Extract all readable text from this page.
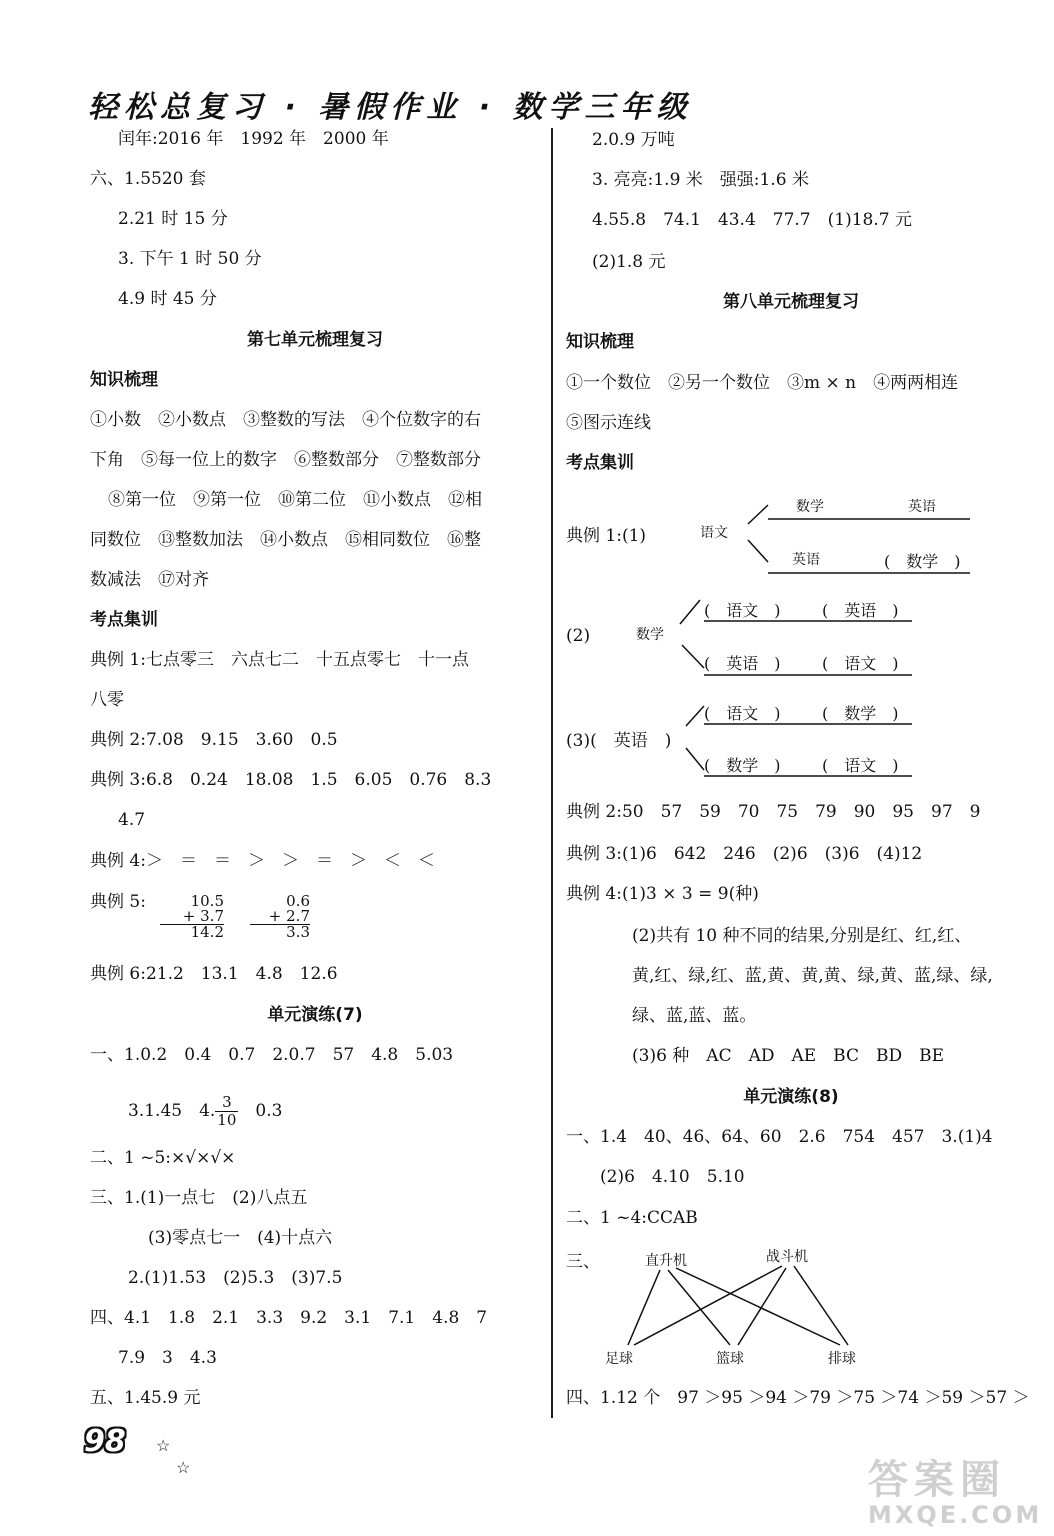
轻松总复习 · 暑假作业 · 数学三年级
闰年:2016 年　1992 年　2000 年
六、1.5520 套
2.21 时 15 分
3. 下午 1 时 50 分
4.9 时 45 分
第七单元梳理复习
知识梳理
①小数　②小数点　③整数的写法　④个位数字的右
下角　⑤每一位上的数字　⑥整数部分　⑦整数部分
⑧第一位　⑨第一位　⑩第二位　⑪小数点　⑫相
同数位　⑬整数加法　⑭小数点　⑮相同数位　⑯整
数减法　⑰对齐
考点集训
典例 1:七点零三　六点七二　十五点零七　十一点
八零
典例 2:7.08　9.15　3.60　0.5
典例 3:6.8　0.24　18.08　1.5　6.05　0.76　8.3
4.7
典例 4:＞　＝　＝　＞　＞　＝　＞　＜　＜
典例 5:	10.5
+ 3.7
14.2
0.6
+ 2.7
3.3
典例 6:21.2　13.1　4.8　12.6
单元演练(7)
一、1.0.2　0.4　0.7　2.0.7　57　4.8　5.03
3.1.45　4. $\frac{3}{10}$ 　0.3
二、1 ~5:×√×√×
三、1.(1)一点七　(2)八点五
(3)零点七一　(4)十点六
2.(1)1.53　(2)5.3　(3)7.5
四、4.1　1.8　2.1　3.3　9.2　3.1　7.1　4.8　7
7.9　3　4.3
五、1.45.9 元
2.0.9 万吨
3. 亮亮:1.9 米　强强:1.6 米
4.55.8　74.1　43.4　77.7　(1)18.7 元
(2)1.8 元
第八单元梳理复习
知识梳理
①一个数位　②另一个数位　③m × n　④两两相连
⑤图示连线
考点集训
典例 1:(1)	语文
数学	英语
英语	(　数学　)
(2)	数学
(　语文　)	(　英语　)
(　英语　)	(　语文　)
(3)(　英语　)
(　语文　)	(　数学　)
(　数学　)	(　语文　)
典例 2:50　57　59　70　75　79　90　95　97　9
典例 3:(1)6　642　246　(2)6　(3)6　(4)12
典例 4:(1)3 × 3 = 9(种)
(2)共有 10 种不同的结果,分别是红、红,红、
黄,红、绿,红、蓝,黄、黄,黄、绿,黄、蓝,绿、绿,
绿、蓝,蓝、蓝。
(3)6 种　AC　AD　AE　BC　BD　BE
单元演练(8)
一、1.4　40、46、64、60　2.6　754　457　3.(1)4
(2)6　4.10　5.10
二、1 ~4:CCAB
三、	直升机	战斗机
足球	篮球	排球
四、1.12 个　97 ＞95 ＞94 ＞79 ＞75 ＞74 ＞59 ＞57 ＞
98 ☆
☆	答案圈
MXQE.COM
